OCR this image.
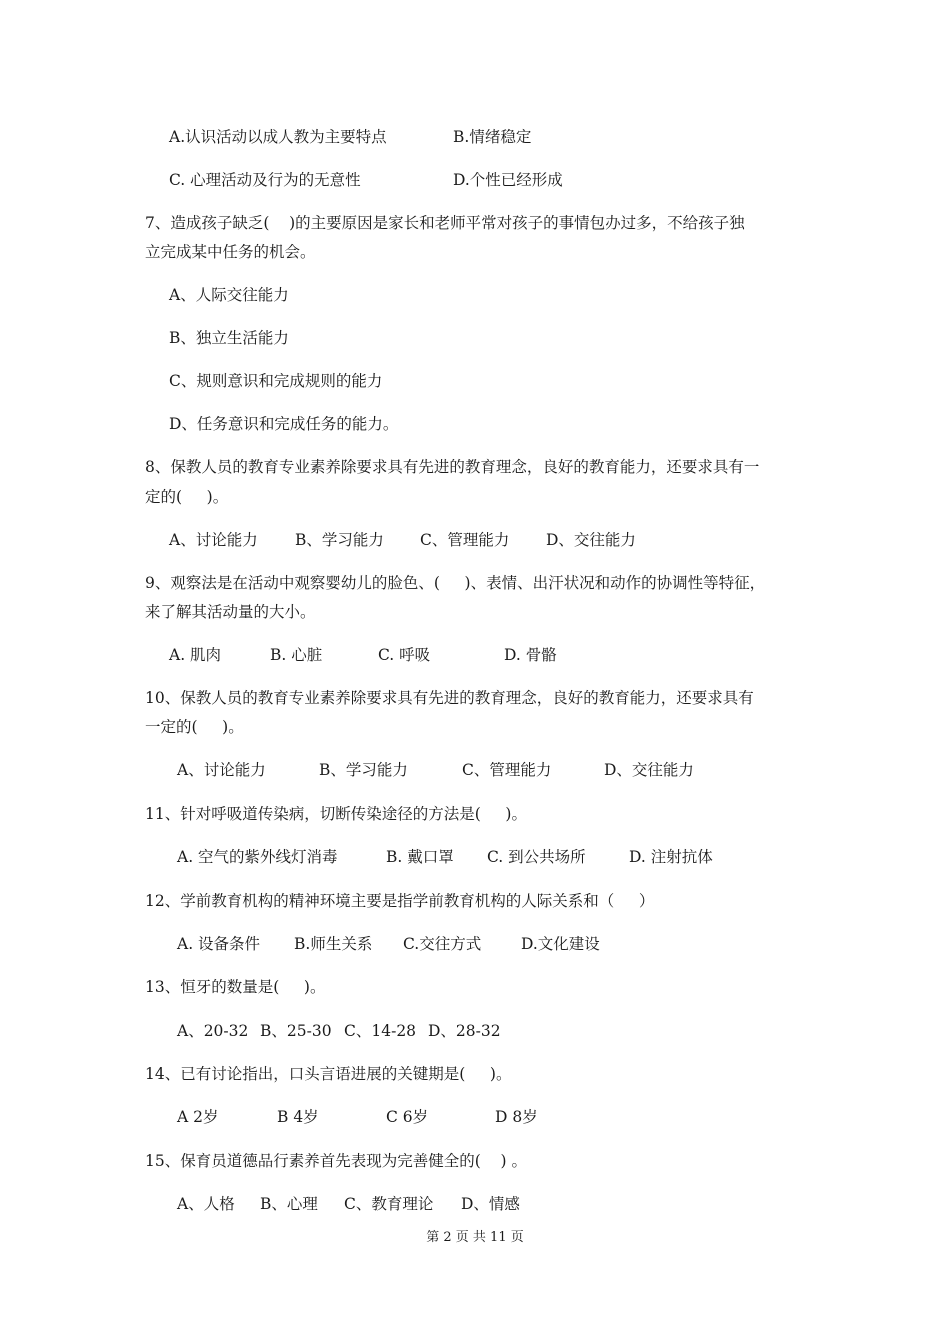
A.认识活动以成人教为主要特点	B.情绪稳定
C. 心理活动及行为的无意性	D.个性已经形成
7、造成孩子缺乏(    )的主要原因是家长和老师平常对孩子的事情包办过多，不给孩子独
立完成某中任务的机会。
A、人际交往能力
B、独立生活能力
C、规则意识和完成规则的能力
D、任务意识和完成任务的能力。
8、保教人员的教育专业素养除要求具有先进的教育理念，良好的教育能力，还要求具有一
定的(     )。
A、讨论能力 B、学习能力 C、管理能力 D、交往能力
9、观察法是在活动中观察婴幼儿的脸色、(     )、表情、出汗状况和动作的协调性等特征，
来了解其活动量的大小。
A. 肌肉	B. 心脏	C. 呼吸	D. 骨骼
10、保教人员的教育专业素养除要求具有先进的教育理念，良好的教育能力，还要求具有
一定的(     )。
A、讨论能力	B、学习能力	C、管理能力	D、交往能力
11、针对呼吸道传染病，切断传染途径的方法是(     )。
A. 空气的紫外线灯消毒	B. 戴口罩 C. 到公共场所	D. 注射抗体
12、学前教育机构的精神环境主要是指学前教育机构的人际关系和（     ）
A. 设备条件 B.师生关系 C.交往方式	D.文化建设
13、恒牙的数量是(     )。
A、20-32 B、25-30 C、14-28 D、28-32
14、已有讨论指出，口头言语进展的关键期是(     )。
A 2岁	B 4岁	C 6岁	D 8岁
15、保育员道德品行素养首先表现为完善健全的(    ) 。
A、人格 B、心理 C、教育理论 D、情感
第 2 页 共 11 页
